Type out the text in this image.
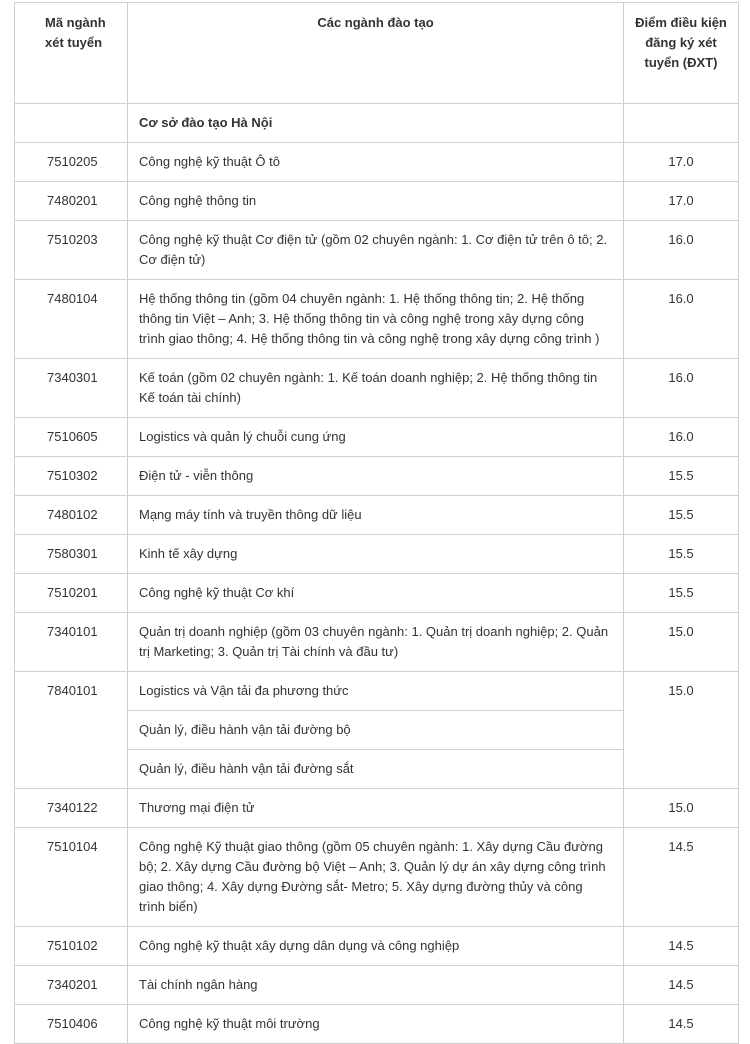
Mã ngành xét tuyển	Các ngành đào tạo	Điểm điều kiện đăng ký xét tuyển (ĐXT)
	Cơ sở đào tạo Hà Nội	
7510205	Công nghệ kỹ thuật Ô tô	17.0
7480201	Công nghệ thông tin	17.0
7510203	Công nghệ kỹ thuật Cơ điện tử (gồm 02 chuyên ngành: 1. Cơ điện tử trên ô tô; 2. Cơ điện tử)	16.0
7480104	Hệ thống thông tin (gồm 04 chuyên ngành: 1. Hệ thống thông tin; 2. Hệ thống thông tin Việt – Anh; 3. Hệ thống thông tin và công nghệ trong xây dựng công trình giao thông; 4. Hệ thống thông tin và công nghệ trong xây dựng công trình )	16.0
7340301	Kế toán (gồm 02 chuyên ngành: 1. Kế toán doanh nghiệp; 2. Hệ thống thông tin Kế toán tài chính)	16.0
7510605	Logistics và quản lý chuỗi cung ứng	16.0
7510302	Điện tử - viễn thông	15.5
7480102	Mạng máy tính và truyền thông dữ liệu	15.5
7580301	Kinh tế xây dựng	15.5
7510201	Công nghệ kỹ thuật Cơ khí	15.5
7340101	Quản trị doanh nghiệp (gồm 03 chuyên ngành: 1. Quản trị doanh nghiệp; 2. Quản trị Marketing; 3. Quản trị Tài chính và đầu tư)	15.0
7840101	Logistics và Vận tải đa phương thức	15.0
	Quản lý, điều hành vận tải đường bộ	
	Quản lý, điều hành vận tải đường sắt	
7340122	Thương mại điện tử	15.0
7510104	Công nghệ Kỹ thuật giao thông (gồm 05 chuyên ngành: 1. Xây dựng Cầu đường bộ; 2. Xây dựng Cầu đường bộ Việt – Anh; 3. Quản lý dự án xây dựng công trình giao thông; 4. Xây dựng Đường sắt- Metro; 5. Xây dựng đường thủy và công trình biển)	14.5
7510102	Công nghệ kỹ thuật xây dựng dân dụng và công nghiệp	14.5
7340201	Tài chính ngân hàng	14.5
7510406	Công nghệ kỹ thuật môi trường	14.5
